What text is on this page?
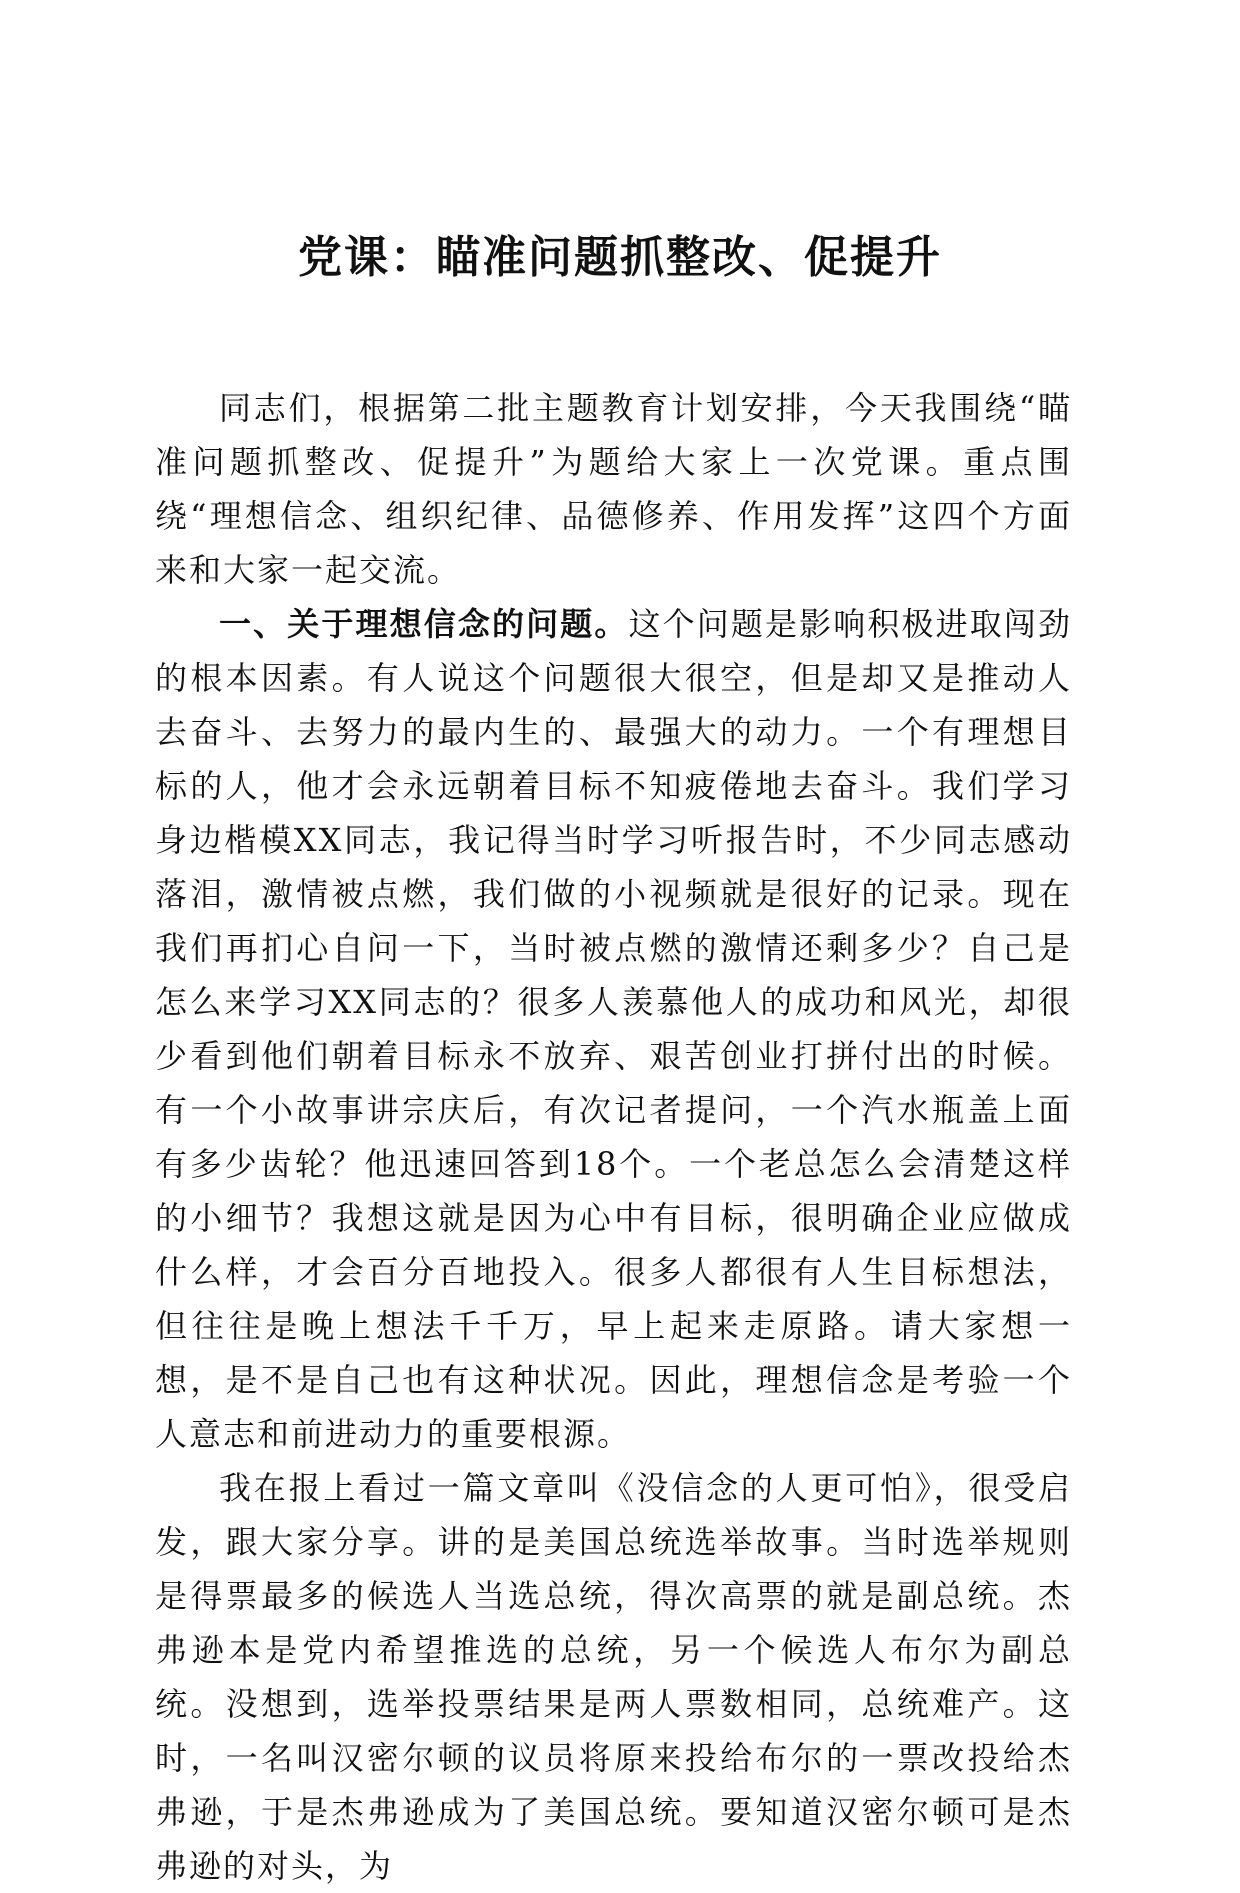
党课：瞄准问题抓整改、促提升

同志们，根据第二批主题教育计划安排，今天我围绕“瞄准问题抓整改、促提升”为题给大家上一次党课。重点围绕“理想信念、组织纪律、品德修养、作用发挥”这四个方面来和大家一起交流。

一、关于理想信念的问题。这个问题是影响积极进取闯劲的根本因素。有人说这个问题很大很空，但是却又是推动人去奋斗、去努力的最内生的、最强大的动力。一个有理想目标的人，他才会永远朝着目标不知疲倦地去奋斗。我们学习身边楷模XX同志，我记得当时学习听报告时，不少同志感动落泪，激情被点燃，我们做的小视频就是很好的记录。现在我们再扪心自问一下，当时被点燃的激情还剩多少？自己是怎么来学习XX同志的？很多人羡慕他人的成功和风光，却很少看到他们朝着目标永不放弃、艰苦创业打拼付出的时候。有一个小故事讲宗庆后，有次记者提问，一个汽水瓶盖上面有多少齿轮？他迅速回答到18个。一个老总怎么会清楚这样的小细节？我想这就是因为心中有目标，很明确企业应做成什么样，才会百分百地投入。很多人都很有人生目标想法，但往往是晚上想法千千万，早上起来走原路。请大家想一想，是不是自己也有这种状况。因此，理想信念是考验一个人意志和前进动力的重要根源。

我在报上看过一篇文章叫《没信念的人更可怕》，很受启发，跟大家分享。讲的是美国总统选举故事。当时选举规则是得票最多的候选人当选总统，得次高票的就是副总统。杰弗逊本是党内希望推选的总统，另一个候选人布尔为副总统。没想到，选举投票结果是两人票数相同，总统难产。这时，一名叫汉密尔顿的议员将原来投给布尔的一票改投给杰弗逊，于是杰弗逊成为了美国总统。要知道汉密尔顿可是杰弗逊的对头，为
